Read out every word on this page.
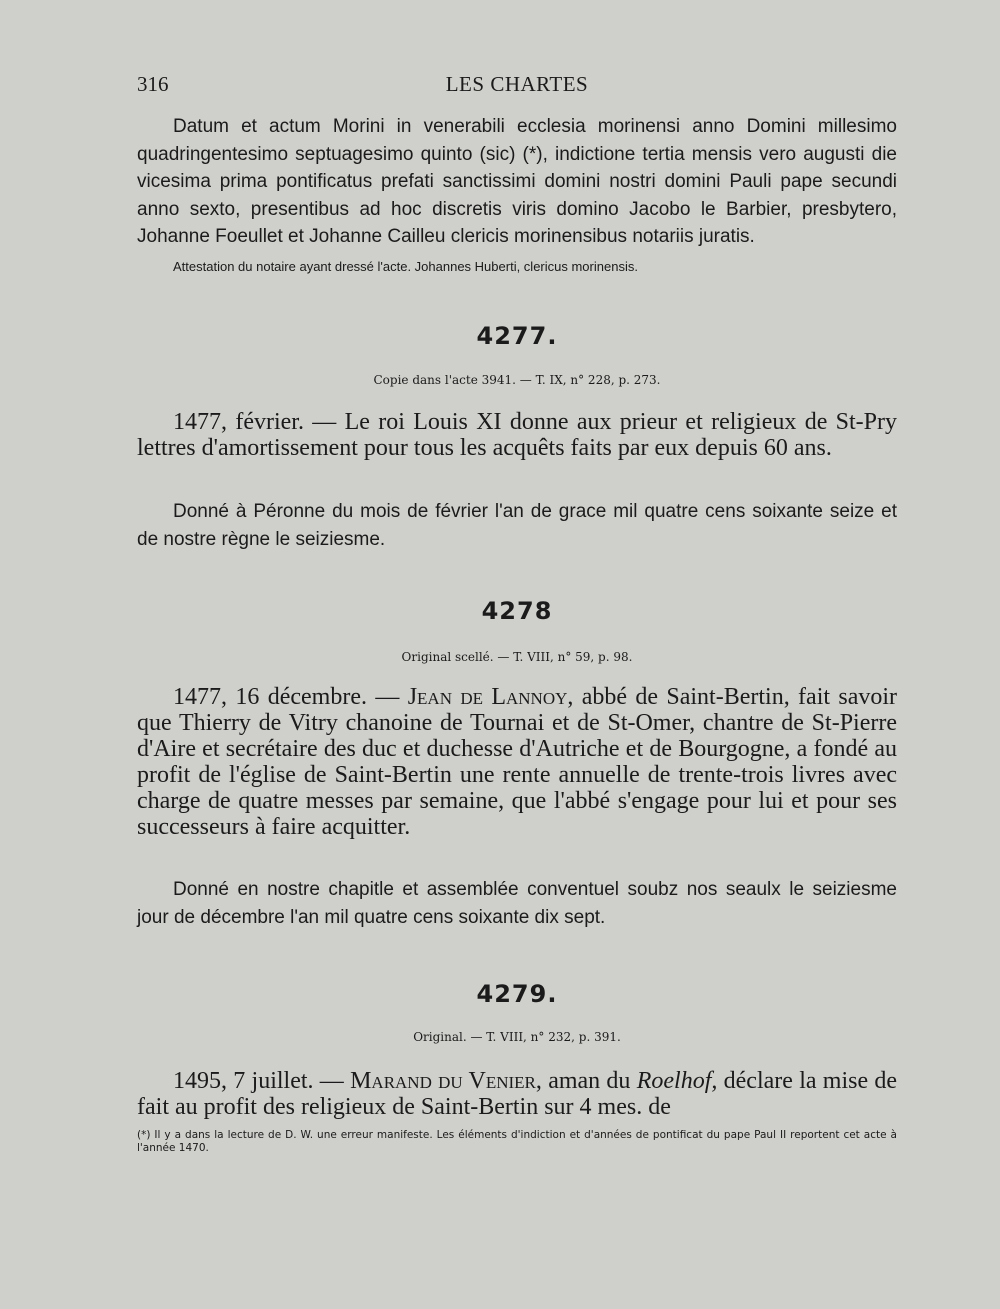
316	LES CHARTES
Datum et actum Morini in venerabili ecclesia morinensi anno Domini millesimo quadringentesimo septuagesimo quinto (sic) (*), indictione tertia mensis vero augusti die vicesima prima pontificatus prefati sanctissimi domini nostri domini Pauli pape secundi anno sexto, presentibus ad hoc discretis viris domino Jacobo le Barbier, presbytero, Johanne Foeullet et Johanne Cailleu clericis morinensibus notariis juratis.
Attestation du notaire ayant dressé l'acte. Johannes Huberti, clericus morinensis.
4277.
Copie dans l'acte 3941. — T. IX, n° 228, p. 273.
1477, février. — Le roi Louis XI donne aux prieur et religieux de St-Pry lettres d'amortissement pour tous les acquêts faits par eux depuis 60 ans.
Donné à Péronne du mois de février l'an de grace mil quatre cens soixante seize et de nostre règne le seiziesme.
4278
Original scellé. — T. VIII, n° 59, p. 98.
1477, 16 décembre. — Jean de Lannoy, abbé de Saint-Bertin, fait savoir que Thierry de Vitry chanoine de Tournai et de St-Omer, chantre de St-Pierre d'Aire et secrétaire des duc et duchesse d'Autriche et de Bourgogne, a fondé au profit de l'église de Saint-Bertin une rente annuelle de trente-trois livres avec charge de quatre messes par semaine, que l'abbé s'engage pour lui et pour ses successeurs à faire acquitter.
Donné en nostre chapitle et assemblée conventuel soubz nos seaulx le seiziesme jour de décembre l'an mil quatre cens soixante dix sept.
4279.
Original. — T. VIII, n° 232, p. 391.
1495, 7 juillet. — Marand du Venier, aman du Roelhof, déclare la mise de fait au profit des religieux de Saint-Bertin sur 4 mes. de
(*) Il y a dans la lecture de D. W. une erreur manifeste. Les éléments d'indiction et d'années de pontificat du pape Paul II reportent cet acte à l'année 1470.
